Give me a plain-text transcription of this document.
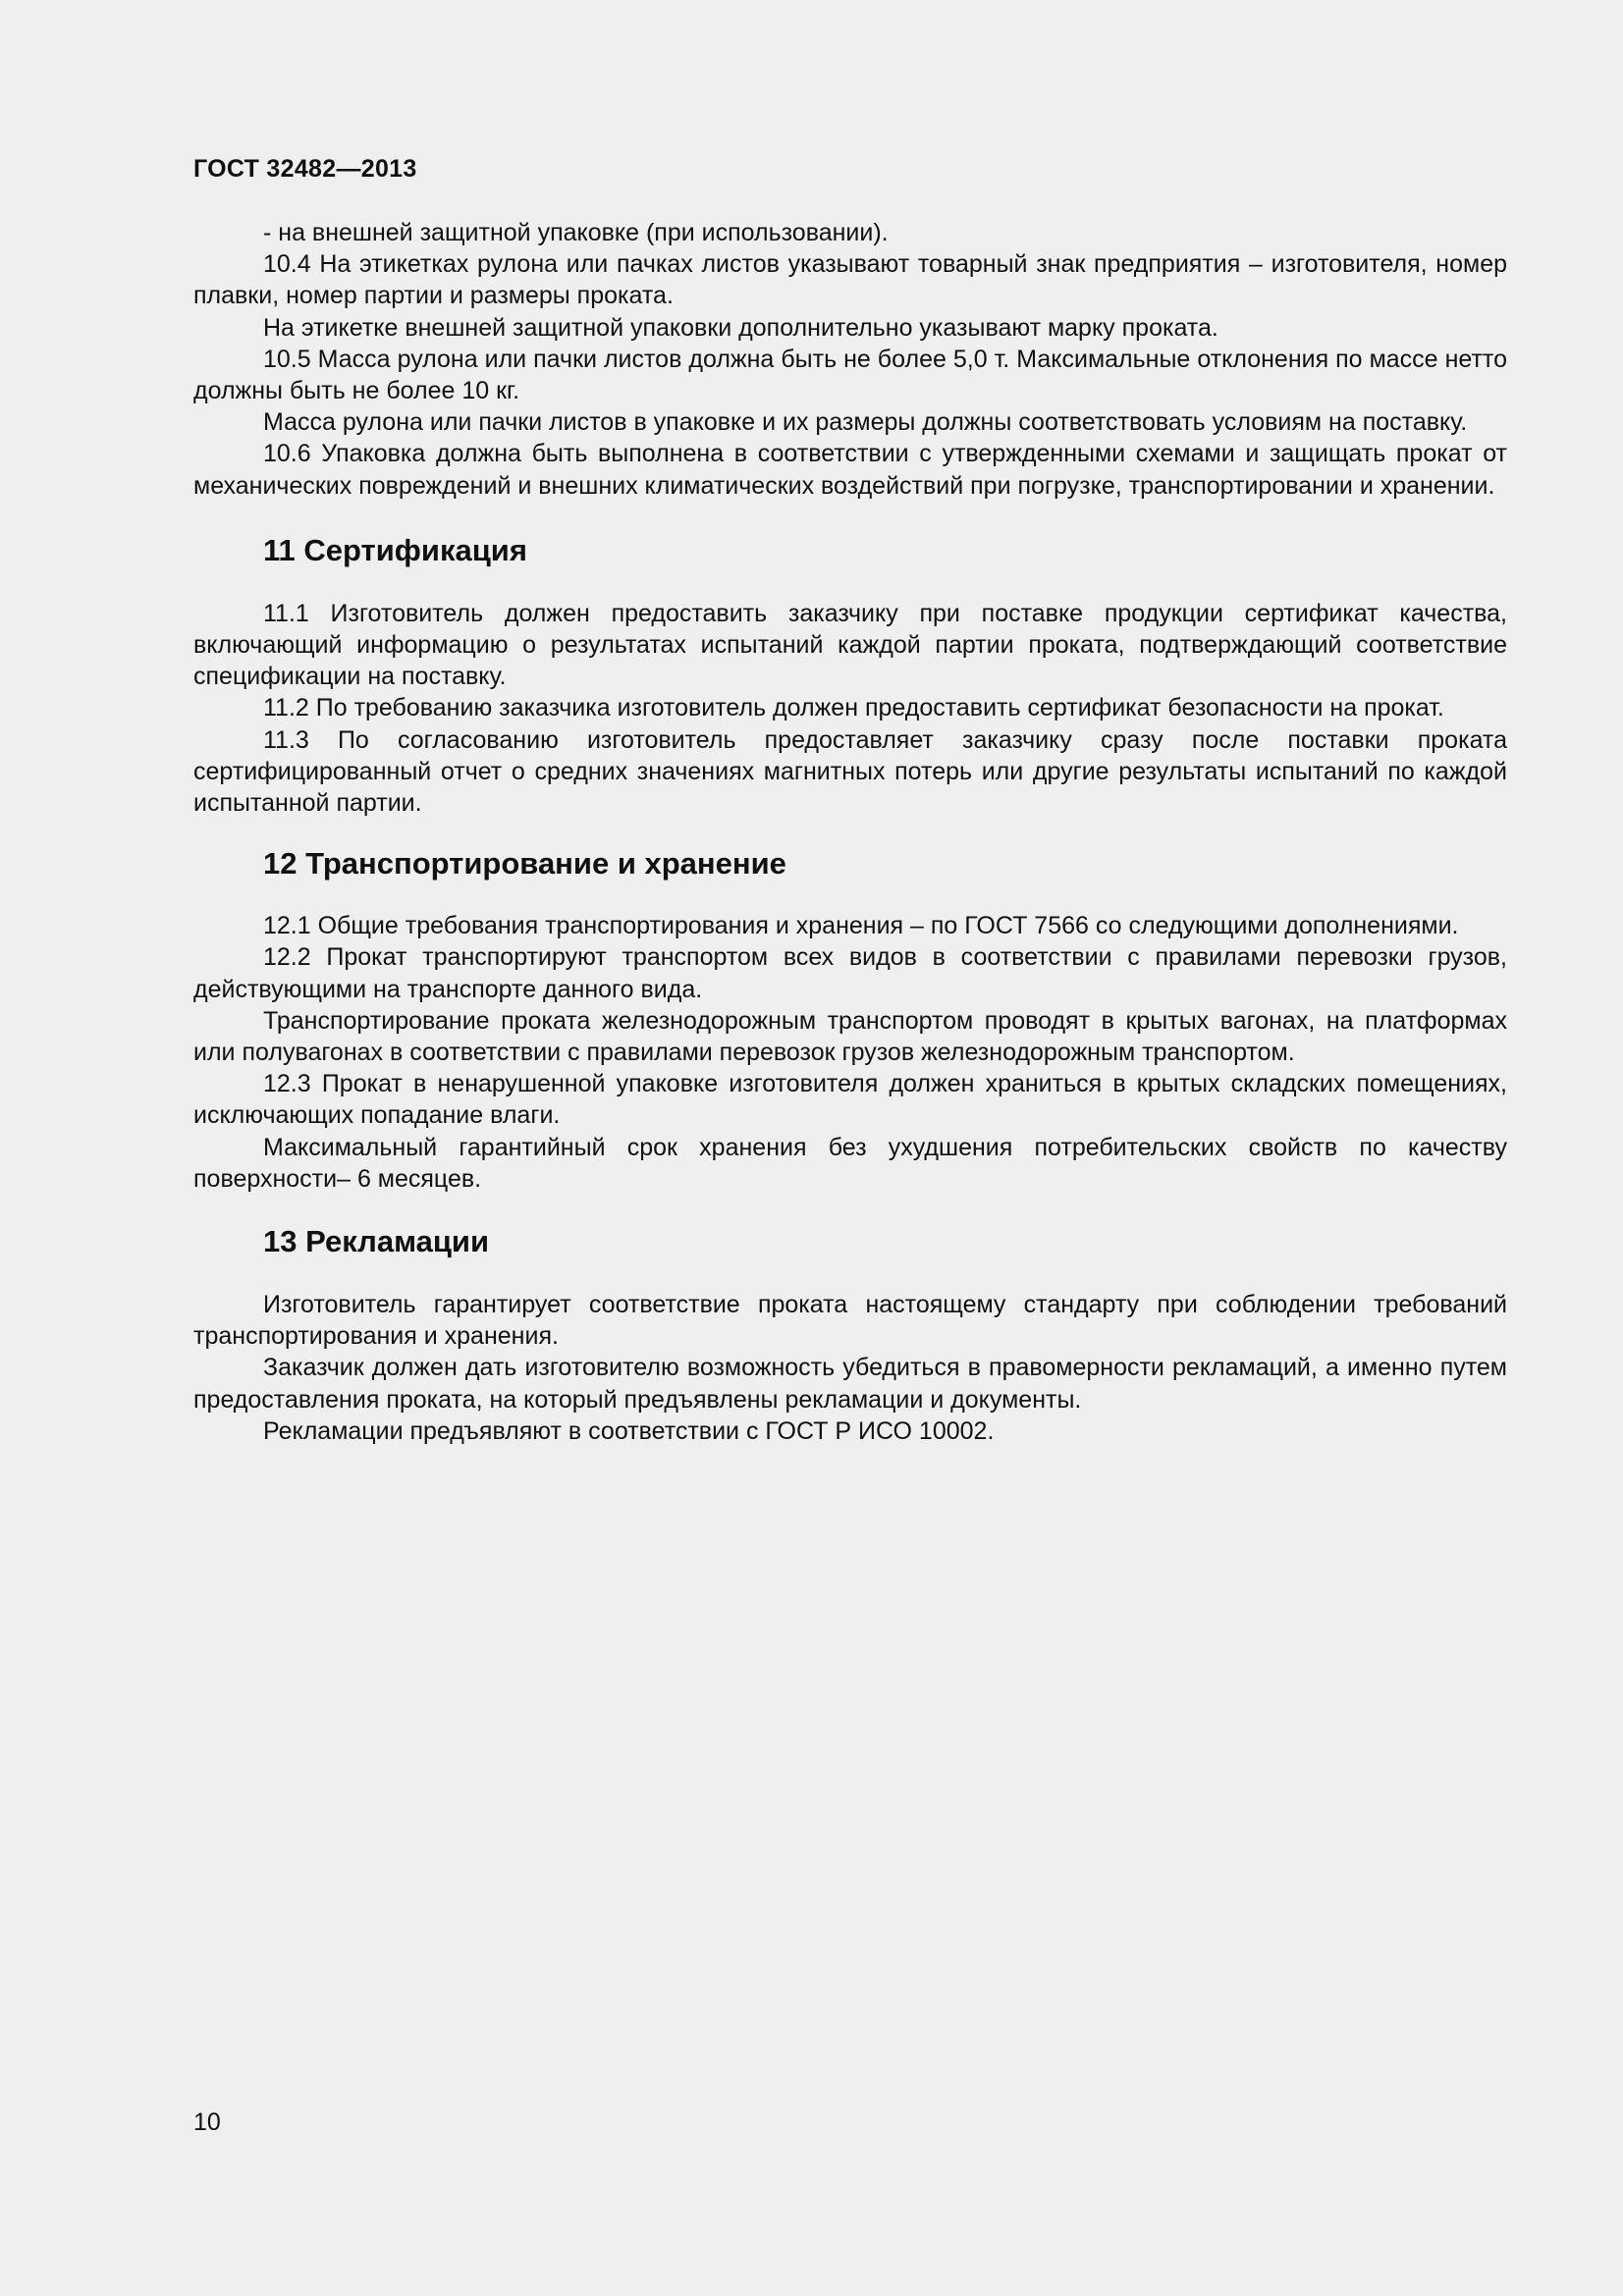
ГОСТ 32482—2013

- на внешней защитной упаковке (при использовании).

10.4 На этикетках рулона или пачках листов указывают товарный знак предприятия – изготовителя, номер плавки, номер партии и размеры проката.

На этикетке внешней защитной упаковки дополнительно указывают марку проката.

10.5 Масса рулона или пачки листов должна быть не более 5,0 т. Максимальные отклонения по массе нетто должны быть не более 10 кг.

Масса рулона или пачки листов в упаковке и их размеры должны соответствовать условиям на поставку.

10.6 Упаковка должна быть выполнена в соответствии с утвержденными схемами и защищать прокат от механических повреждений и внешних климатических воздействий при погрузке, транспортировании и хранении.

11 Сертификация

11.1 Изготовитель должен предоставить заказчику при поставке продукции сертификат качества, включающий информацию о результатах испытаний каждой партии проката, подтверждающий соответствие спецификации на поставку.

11.2 По требованию заказчика изготовитель должен предоставить сертификат безопасности на прокат.

11.3 По согласованию изготовитель предоставляет заказчику сразу после поставки проката сертифицированный отчет о средних значениях магнитных потерь или другие результаты испытаний по каждой испытанной партии.

12 Транспортирование и хранение

12.1 Общие требования транспортирования и хранения – по ГОСТ 7566 со следующими дополнениями.

12.2 Прокат транспортируют транспортом всех видов в соответствии с правилами перевозки грузов, действующими на транспорте данного вида.

Транспортирование проката железнодорожным транспортом проводят в крытых вагонах, на платформах или полувагонах в соответствии с правилами перевозок грузов железнодорожным транспортом.

12.3 Прокат в ненарушенной упаковке изготовителя должен храниться в крытых складских помещениях, исключающих попадание влаги.

Максимальный гарантийный срок хранения без ухудшения потребительских свойств по качеству поверхности– 6 месяцев.

13 Рекламации

Изготовитель гарантирует соответствие проката настоящему стандарту при соблюдении требований транспортирования и хранения.

Заказчик должен дать изготовителю возможность убедиться в правомерности рекламаций, а именно путем предоставления проката, на который предъявлены рекламации и документы.

Рекламации предъявляют в соответствии с ГОСТ Р ИСО 10002.

10
